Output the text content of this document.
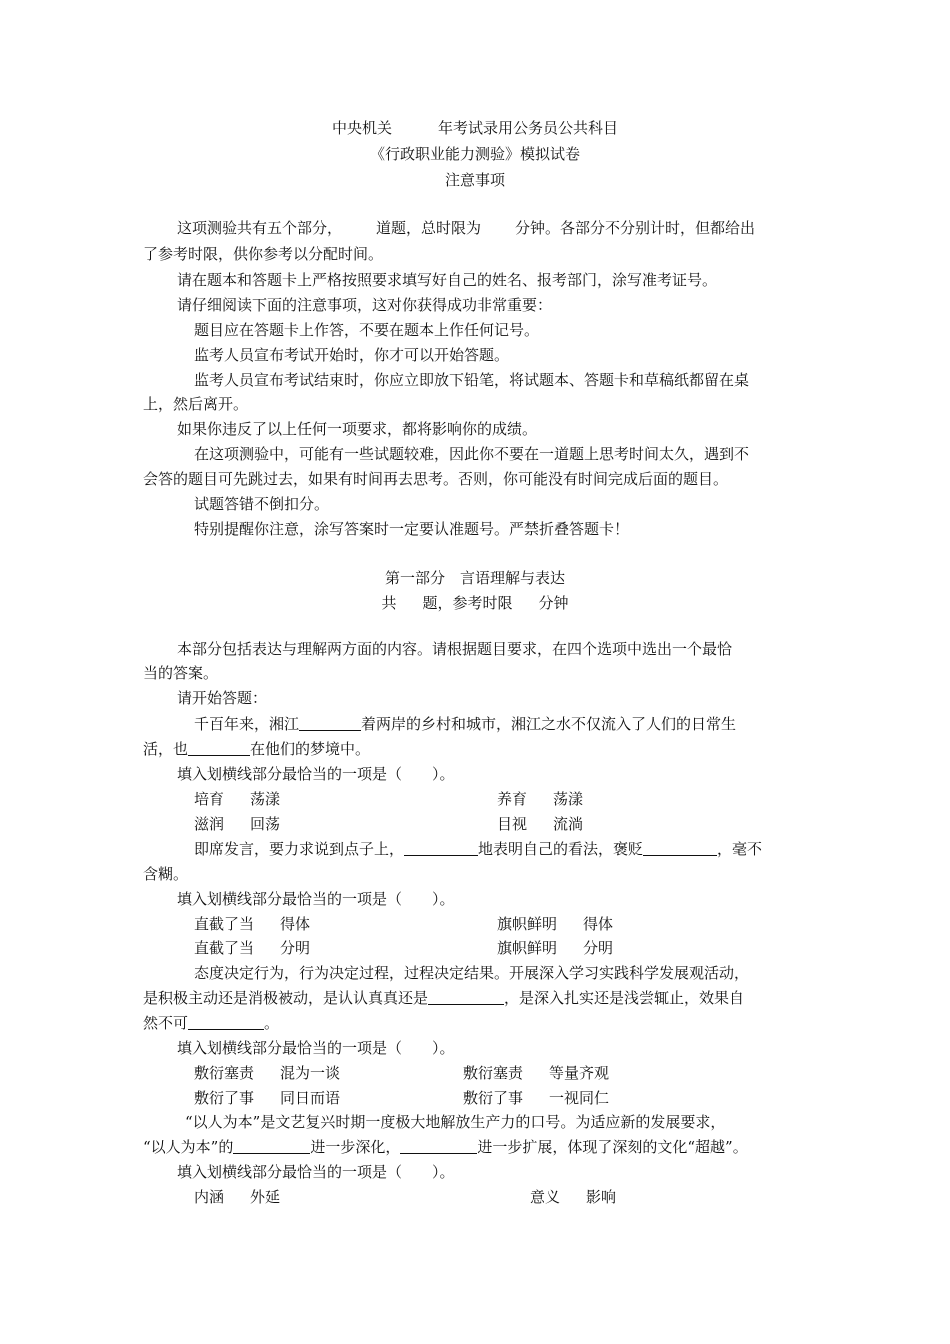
中央机关	年考试录用公务员公共科目
《行政职业能力测验》模拟试卷
注意事项
这项测验共有五个部分， 道题，总时限为 分钟。各部分不分别计时，但都给出
了参考时限，供你参考以分配时间。
请在题本和答题卡上严格按照要求填写好自己的姓名、报考部门，涂写准考证号。
请仔细阅读下面的注意事项，这对你获得成功非常重要：
题目应在答题卡上作答，不要在题本上作任何记号。
监考人员宣布考试开始时，你才可以开始答题。
监考人员宣布考试结束时，你应立即放下铅笔，将试题本、答题卡和草稿纸都留在桌
上，然后离开。
如果你违反了以上任何一项要求，都将影响你的成绩。
在这项测验中，可能有一些试题较难，因此你不要在一道题上思考时间太久，遇到不
会答的题目可先跳过去，如果有时间再去思考。否则，你可能没有时间完成后面的题目。
试题答错不倒扣分。
特别提醒你注意，涂写答案时一定要认准题号。严禁折叠答题卡！
第一部分　言语理解与表达
共 题，参考时限 分钟
本部分包括表达与理解两方面的内容。请根据题目要求，在四个选项中选出一个最恰
当的答案。
请开始答题：
千百年来，湘江	着两岸的乡村和城市，湘江之水不仅流入了人们的日常生
活，也	在他们的梦境中。
填入划横线部分最恰当的一项是（　　）。
培育 荡漾	养育 荡漾
滋润 回荡	目视 流淌
即席发言，要力求说到点子上，	地表明自己的看法，褒贬	，毫不
含糊。
填入划横线部分最恰当的一项是（　　）。
直截了当 得体	旗帜鲜明 得体
直截了当 分明	旗帜鲜明 分明
态度决定行为，行为决定过程，过程决定结果。开展深入学习实践科学发展观活动，
是积极主动还是消极被动，是认认真真还是	，是深入扎实还是浅尝辄止，效果自
然不可	。
填入划横线部分最恰当的一项是（　　）。
敷衍塞责 混为一谈	敷衍塞责 等量齐观
敷衍了事 同日而语	敷衍了事 一视同仁
“以人为本”是文艺复兴时期一度极大地解放生产力的口号。为适应新的发展要求，
“以人为本”的	进一步深化，	进一步扩展，体现了深刻的文化“超越”。
填入划横线部分最恰当的一项是（　　）。
内涵 外延	意义 影响
